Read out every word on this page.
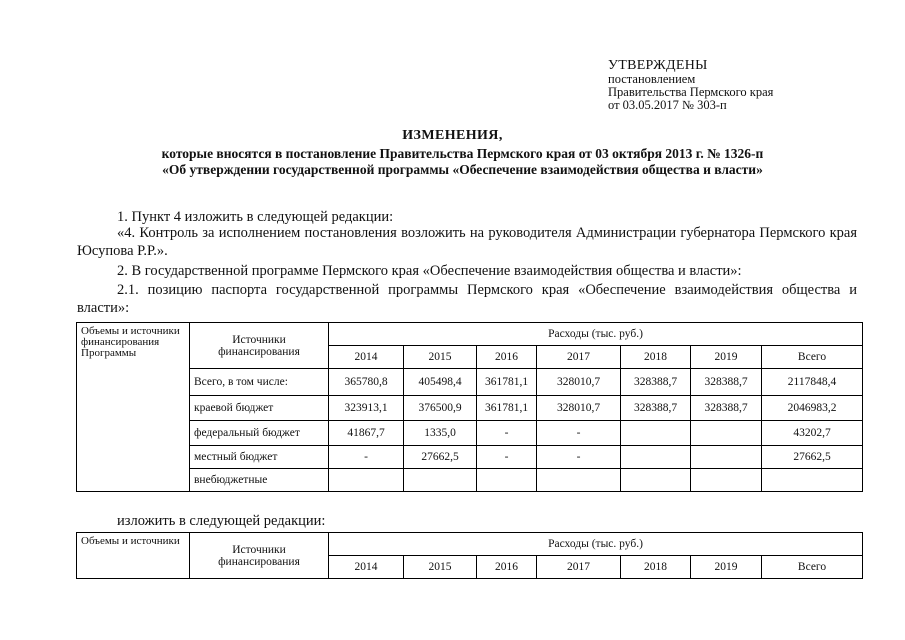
УТВЕРЖДЕНЫ
постановлением
Правительства Пермского края
от 03.05.2017 № 303-п
ИЗМЕНЕНИЯ,
которые вносятся в постановление Правительства Пермского края от 03 октября 2013 г. № 1326-п
«Об утверждении государственной программы «Обеспечение взаимодействия общества и власти»
1. Пункт 4 изложить в следующей редакции:
«4. Контроль за исполнением постановления возложить на руководителя Администрации губернатора Пермского края Юсупова Р.Р.».
2. В государственной программе Пермского края «Обеспечение взаимодействия общества и власти»:
2.1. позицию паспорта государственной программы Пермского края «Обеспечение взаимодействия общества и власти»:
Объемы и источники финансирования Программы	Источники финансирования	Расходы (тыс. руб.)						
		2014	2015	2016	2017	2018	2019	Всего
	Всего, в том числе:	365780,8	405498,4	361781,1	328010,7	328388,7	328388,7	2117848,4
	краевой бюджет	323913,1	376500,9	361781,1	328010,7	328388,7	328388,7	2046983,2
	федеральный бюджет	41867,7	1335,0	-	-			43202,7
	местный бюджет	-	27662,5	-	-			27662,5
	внебюджетные							
изложить в следующей редакции:
Объемы и источники	Источники финансирования	Расходы (тыс. руб.)						
		2014	2015	2016	2017	2018	2019	Всего
